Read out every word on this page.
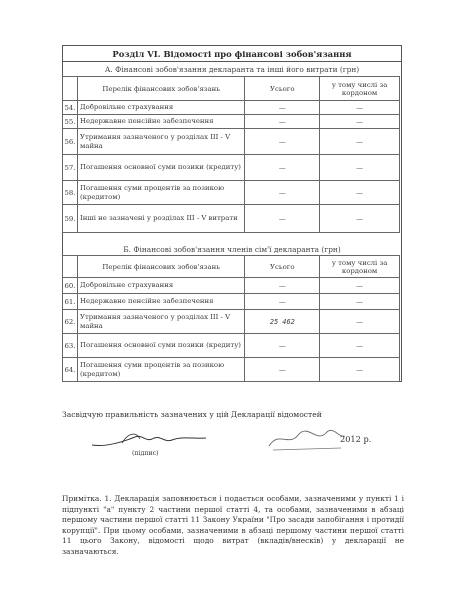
Розділ VI. Відомості про фінансові зобов'язання
А. Фінансові зобов'язання декларанта та інші його витрати (грн)
	Перелік фінансових зобов'язань	Усього	у тому числі за кордоном
54.	Добровільне страхування	—	—
55.	Недержавне пенсійне забезпечення	—	—
56.	Утримання зазначеного у розділах III - V майна	—	—
57.	Погашення основної суми позики (кредиту)	—	—
58.	Погашення суми процентів за позикою (кредитом)	—	—
59.	Інші не зазначені у розділах III - V витрати	—	—
Б. Фінансові зобов'язання членів сім'ї декларанта (грн)
	Перелік фінансових зобов'язань	Усього	у тому числі за кордоном
60.	Добровільне страхування	—	—
61.	Недержавне пенсійне забезпечення	—	—
62.	Утримання зазначеного у розділах III - V майна	25 462	—
63.	Погашення основної суми позики (кредиту)	—	—
64.	Погашення суми процентів за позикою (кредитом)	—	—
Засвідчую правильність зазначених у цій Декларації відомостей
(підпис)
2012 р.
Примітка. 1. Декларація заповнюється і подається особами, зазначеними у пункті 1 і підпункті "а" пункту 2 частини першої статті 4, та особами, зазначеними в абзаці першому частини першої статті 11 Закону України "Про засади запобігання і протидії корупції". При цьому особами, зазначеними в абзаці першому частини першої статті 11 цього Закону, відомості щодо витрат (вкладів/внесків) у декларації не зазначаються.
